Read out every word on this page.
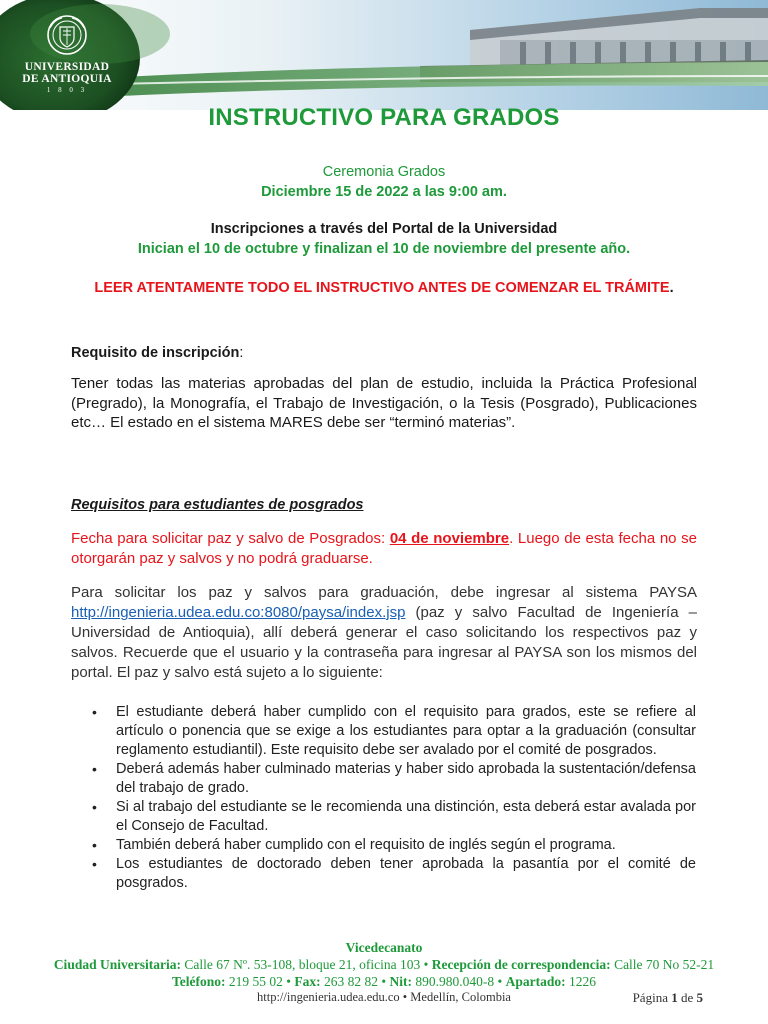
UNIVERSIDAD
DE ANTIOQUIA
1 8 0 3
INSTRUCTIVO PARA GRADOS
Ceremonia Grados
Diciembre 15 de 2022 a las 9:00 am.
Inscripciones a través del Portal de la Universidad
Inician el 10 de octubre y finalizan el 10 de noviembre del presente año.
LEER ATENTAMENTE TODO EL INSTRUCTIVO ANTES DE COMENZAR EL TRÁMITE.
Requisito de inscripción:
Tener todas las materias aprobadas del plan de estudio, incluida la Práctica Profesional (Pregrado), la Monografía, el Trabajo de Investigación, o la Tesis (Posgrado), Publicaciones etc… El estado en el sistema MARES debe ser “terminó materias”.
Requisitos para estudiantes de posgrados
Fecha para solicitar paz y salvo de Posgrados: 04 de noviembre. Luego de esta fecha no se otorgarán paz y salvos y no podrá graduarse.
Para solicitar los paz y salvos para graduación, debe ingresar al sistema PAYSA http://ingenieria.udea.edu.co:8080/paysa/index.jsp (paz y salvo Facultad de Ingeniería – Universidad de Antioquia), allí deberá generar el caso solicitando los respectivos paz y salvos. Recuerde que el usuario y la contraseña para ingresar al PAYSA son los mismos del portal. El paz y salvo está sujeto a lo siguiente:
• El estudiante deberá haber cumplido con el requisito para grados, este se refiere al artículo o ponencia que se exige a los estudiantes para optar a la graduación (consultar reglamento estudiantil). Este requisito debe ser avalado por el comité de posgrados.
• Deberá además haber culminado materias y haber sido aprobada la sustentación/defensa del trabajo de grado.
• Si al trabajo del estudiante se le recomienda una distinción, esta deberá estar avalada por el Consejo de Facultad.
• También deberá haber cumplido con el requisito de inglés según el programa.
• Los estudiantes de doctorado deben tener aprobada la pasantía por el comité de posgrados.
Vicedecanato
Ciudad Universitaria: Calle 67 Nº. 53-108, bloque 21, oficina 103 • Recepción de correspondencia: Calle 70 No 52-21
Teléfono: 219 55 02 • Fax: 263 82 82 • Nit: 890.980.040-8 • Apartado: 1226
http://ingenieria.udea.edu.co • Medellín, Colombia	Página 1 de 5
